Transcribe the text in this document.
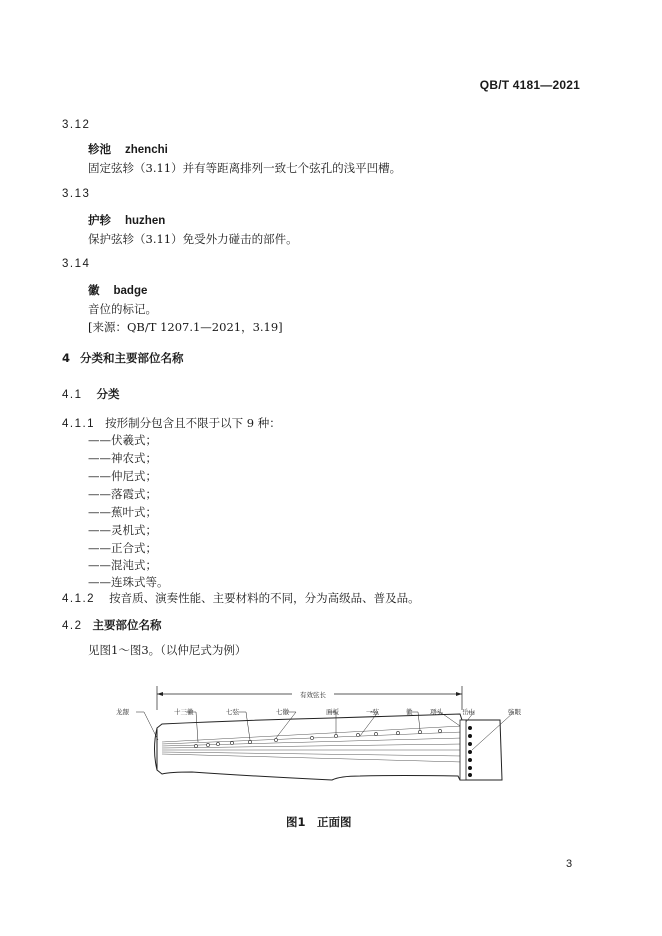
QB/T 4181—2021
3.12
轸池 zhenchi
固定弦轸（3.11）并有等距离排列一致七个弦孔的浅平凹槽。
3.13
护轸 huzhen
保护弦轸（3.11）免受外力碰击的部件。
3.14
徽 badge
音位的标记。
[来源：QB/T 1207.1—2021，3.19]
4 分类和主要部位名称
4.1 分类
4.1.1 按形制分包含且不限于以下 9 种：
——伏羲式；
——神农式；
——仲尼式；
——落霞式；
——蕉叶式；
——灵机式；
——正合式；
——混沌式；
——连珠式等。
4.1.2 按音质、演奏性能、主要材料的不同，分为高级品、普及品。
4.2 主要部位名称
见图1～图3。（以仲尼式为例）
有效弦长
龙龈	十三徽	七弦	七徽	面板	一弦	徽	项头	岳山	弦眼
图1　正面图
3
